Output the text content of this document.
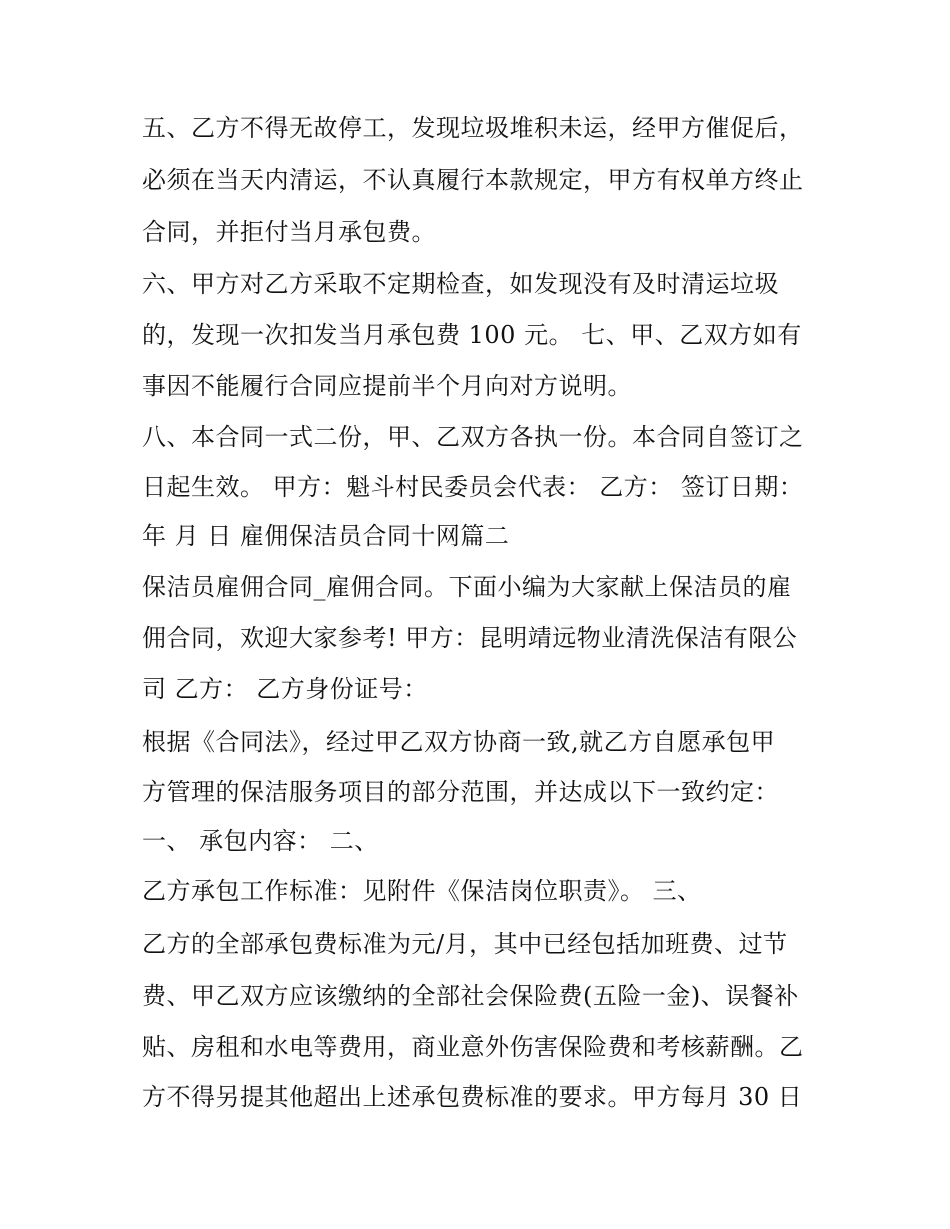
五、乙方不得无故停工，发现垃圾堆积未运，经甲方催促后，
必须在当天内清运，不认真履行本款规定，甲方有权单方终止
合同，并拒付当月承包费。
六、甲方对乙方采取不定期检查，如发现没有及时清运垃圾
的，发现一次扣发当月承包费 100 元。 七、甲、乙双方如有
事因不能履行合同应提前半个月向对方说明。
八、本合同一式二份，甲、乙双方各执一份。本合同自签订之
日起生效。 甲方：魁斗村民委员会代表： 乙方： 签订日期：
年 月 日 雇佣保洁员合同十网篇二
保洁员雇佣合同_雇佣合同。下面小编为大家献上保洁员的雇
佣合同，欢迎大家参考! 甲方：昆明靖远物业清洗保洁有限公
司 乙方： 乙方身份证号：
根据《合同法》，经过甲乙双方协商一致,就乙方自愿承包甲
方管理的保洁服务项目的部分范围，并达成以下一致约定：
一、 承包内容： 二、
乙方承包工作标准：见附件《保洁岗位职责》。 三、
乙方的全部承包费标准为元/月，其中已经包括加班费、过节
费、甲乙双方应该缴纳的全部社会保险费(五险一金)、误餐补
贴、房租和水电等费用，商业意外伤害保险费和考核薪酬。乙
方不得另提其他超出上述承包费标准的要求。甲方每月 30 日
